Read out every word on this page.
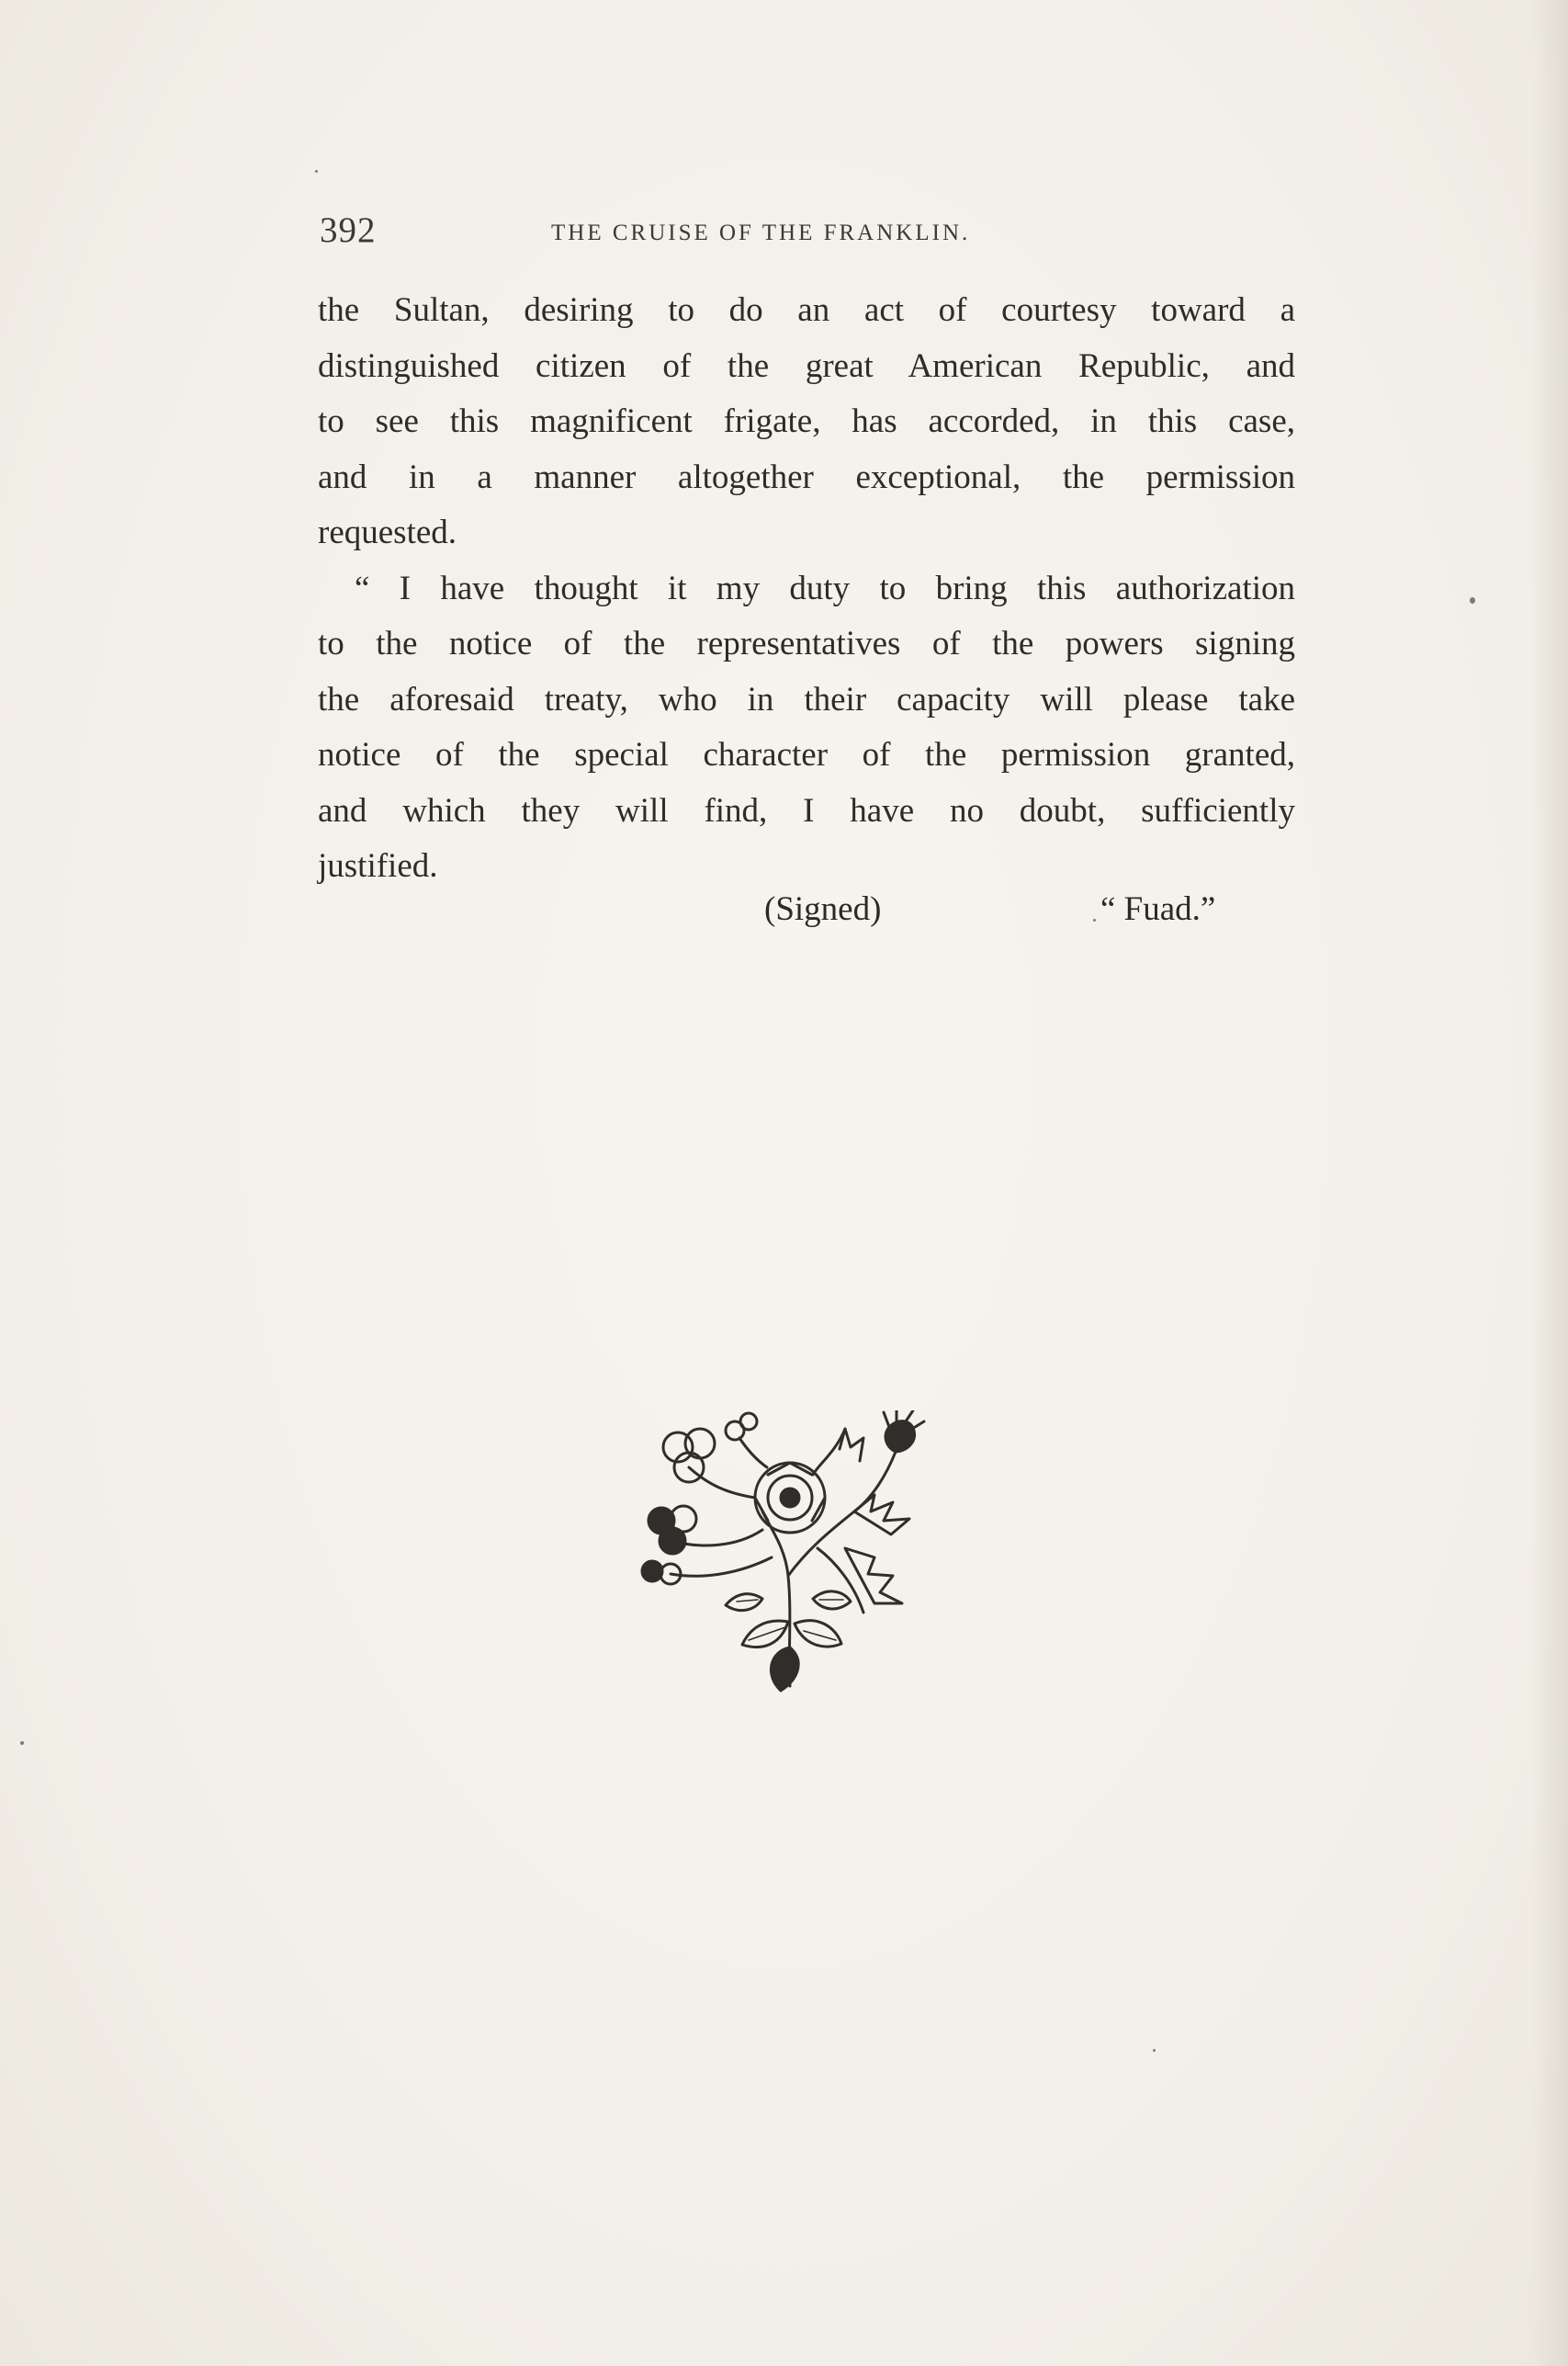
392	THE CRUISE OF THE FRANKLIN.
the Sultan, desiring to do an act of courtesy toward a
distinguished citizen of the great American Republic, and
to see this magnificent frigate, has accorded, in this case,
and in a manner altogether exceptional, the permission
requested.
“ I have thought it my duty to bring this authorization
to the notice of the representatives of the powers signing
the aforesaid treaty, who in their capacity will please take
notice of the special character of the permission granted,
and which they will find, I have no doubt, sufficiently
justified.
(Signed)	“ Fuad.”
